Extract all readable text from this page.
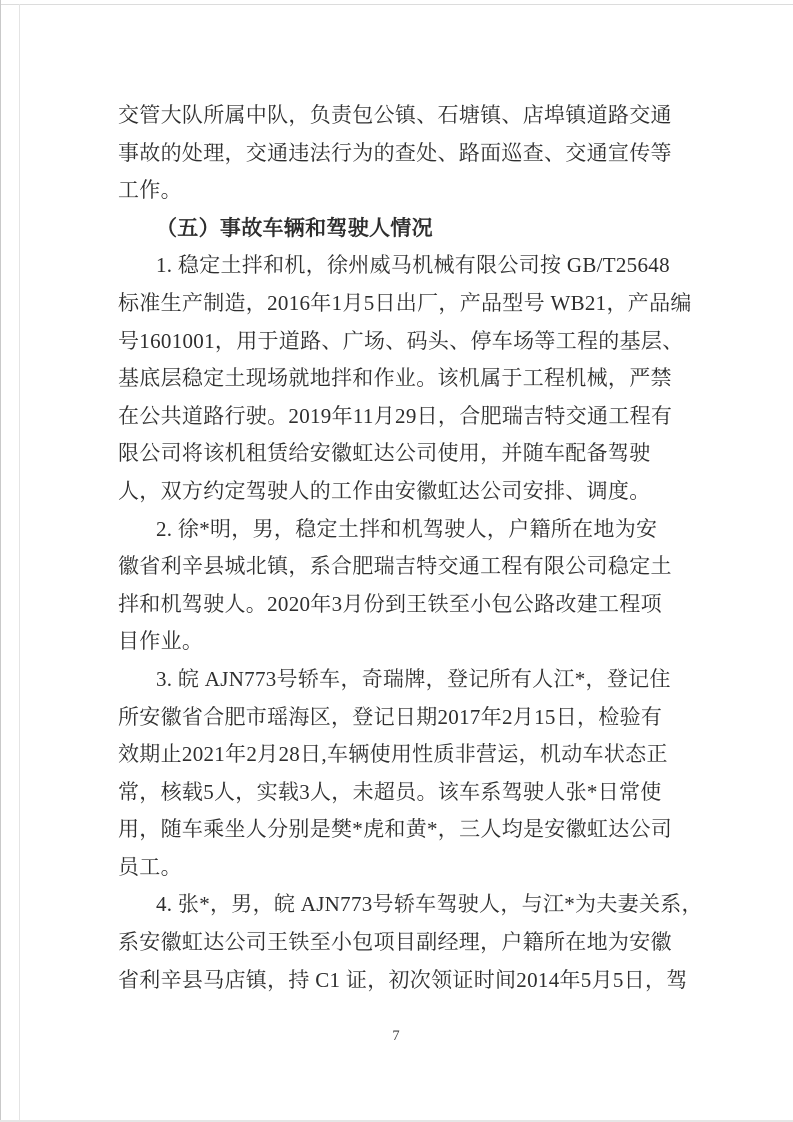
交管大队所属中队，负责包公镇、石塘镇、店埠镇道路交通
事故的处理，交通违法行为的查处、路面巡查、交通宣传等
工作。
（五）事故车辆和驾驶人情况
1. 稳定土拌和机，徐州威马机械有限公司按 GB/T25648
标准生产制造，2016年1月5日出厂，产品型号 WB21，产品编
号1601001，用于道路、广场、码头、停车场等工程的基层、
基底层稳定土现场就地拌和作业。该机属于工程机械，严禁
在公共道路行驶。2019年11月29日，合肥瑞吉特交通工程有
限公司将该机租赁给安徽虹达公司使用，并随车配备驾驶
人，双方约定驾驶人的工作由安徽虹达公司安排、调度。
2. 徐*明，男，稳定土拌和机驾驶人，户籍所在地为安
徽省利辛县城北镇，系合肥瑞吉特交通工程有限公司稳定土
拌和机驾驶人。2020年3月份到王铁至小包公路改建工程项
目作业。
3. 皖 AJN773号轿车，奇瑞牌，登记所有人江*，登记住
所安徽省合肥市瑶海区，登记日期2017年2月15日，检验有
效期止2021年2月28日,车辆使用性质非营运，机动车状态正
常，核载5人，实载3人，未超员。该车系驾驶人张*日常使
用，随车乘坐人分别是樊*虎和黄*，三人均是安徽虹达公司
员工。
4. 张*，男，皖 AJN773号轿车驾驶人，与江*为夫妻关系，
系安徽虹达公司王铁至小包项目副经理，户籍所在地为安徽
省利辛县马店镇，持 C1 证，初次领证时间2014年5月5日，驾
7
